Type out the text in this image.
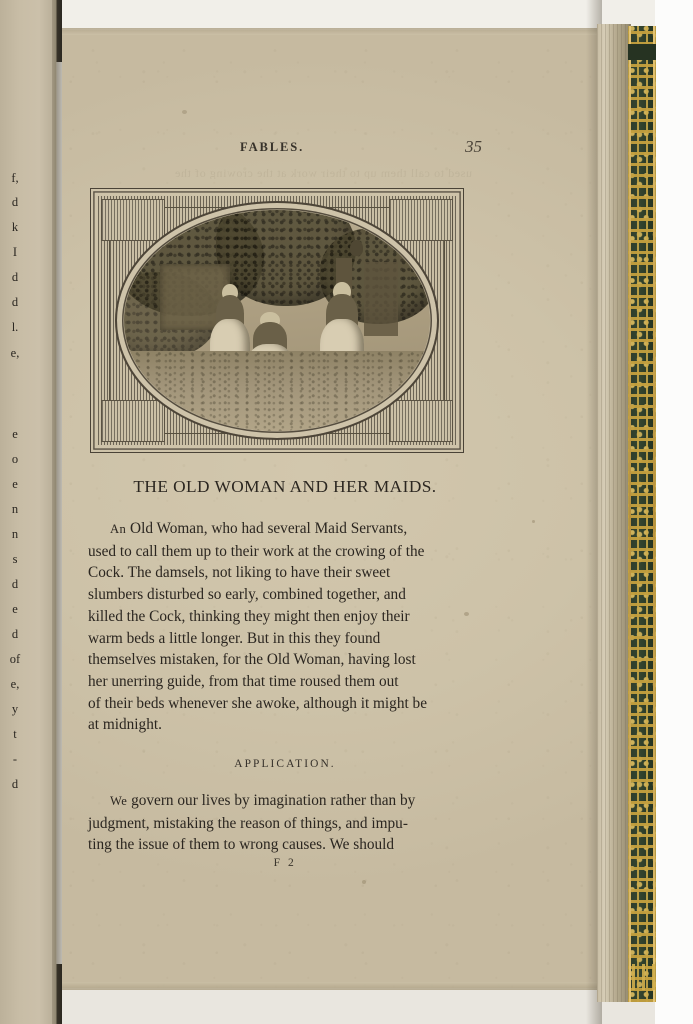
f,
d
k
I
d
d
l.
e,
e
o
e
n
n
s
d
e
d
of
e,
y
t
-
d
used to call them up to their work at the crowing of the
FABLES.	35
THE OLD WOMAN AND HER MAIDS.
An Old Woman, who had several Maid Servants,
used to call them up to their work at the crowing of the
Cock. The damsels, not liking to have their sweet
slumbers disturbed so early, combined together, and
killed the Cock, thinking they might then enjoy their
warm beds a little longer. But in this they found
themselves mistaken, for the Old Woman, having lost
her unerring guide, from that time roused them out
of their beds whenever she awoke, although it might be
at midnight.
APPLICATION.
We govern our lives by imagination rather than by
judgment, mistaking the reason of things, and impu-
ting the issue of them to wrong causes. We should
F 2
